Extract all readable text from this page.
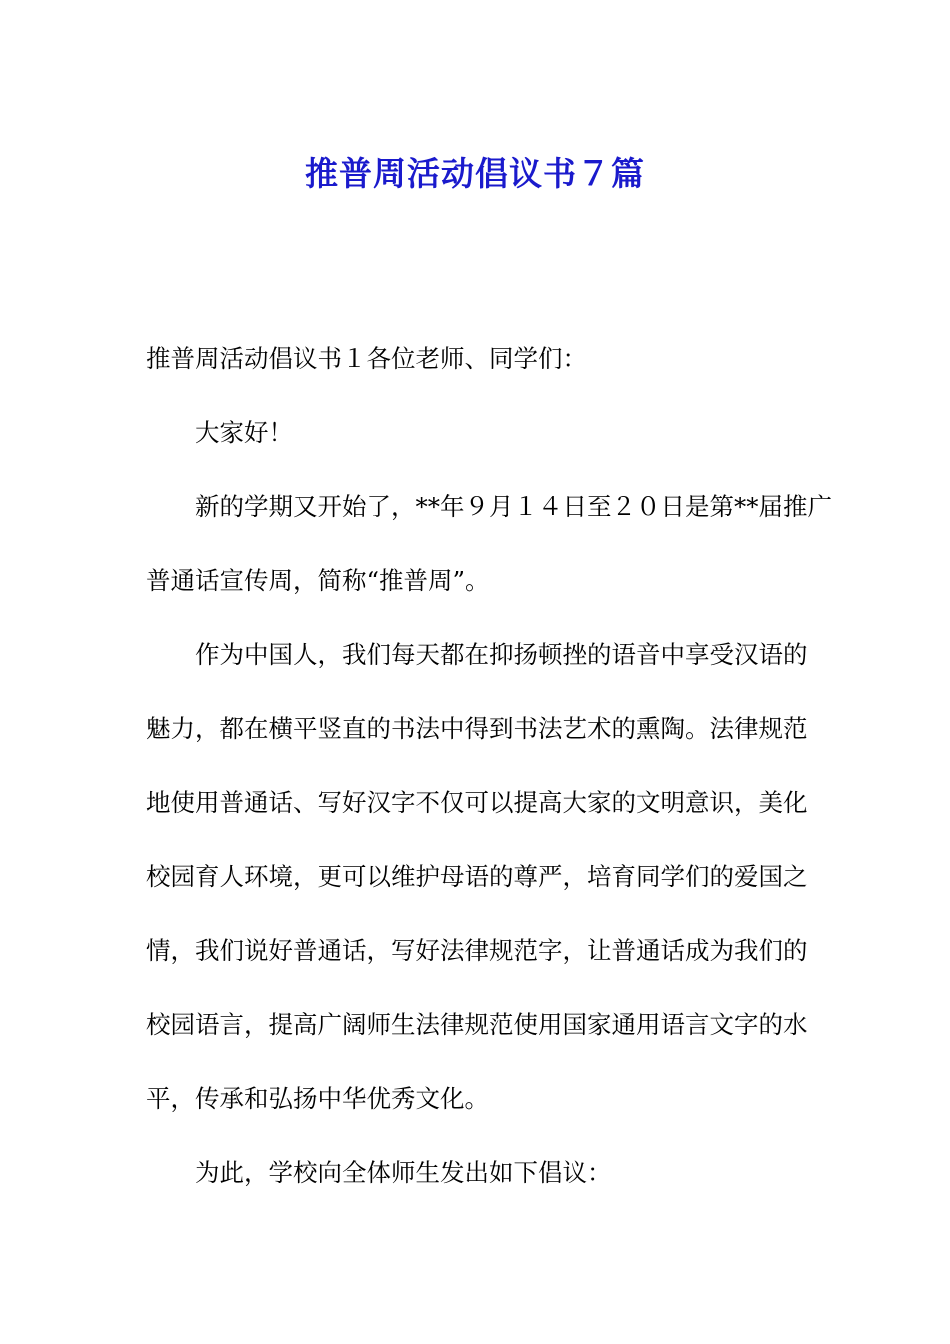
推普周活动倡议书７篇

推普周活动倡议书１各位老师、同学们：

大家好！

新的学期又开始了，**年９月１４日至２０日是第**届推广
普通话宣传周，简称“推普周”。

作为中国人，我们每天都在抑扬顿挫的语音中享受汉语的
魅力，都在横平竖直的书法中得到书法艺术的熏陶。法律规范
地使用普通话、写好汉字不仅可以提高大家的文明意识，美化
校园育人环境，更可以维护母语的尊严，培育同学们的爱国之
情，我们说好普通话，写好法律规范字，让普通话成为我们的
校园语言，提高广阔师生法律规范使用国家通用语言文字的水
平，传承和弘扬中华优秀文化。

为此，学校向全体师生发出如下倡议：
